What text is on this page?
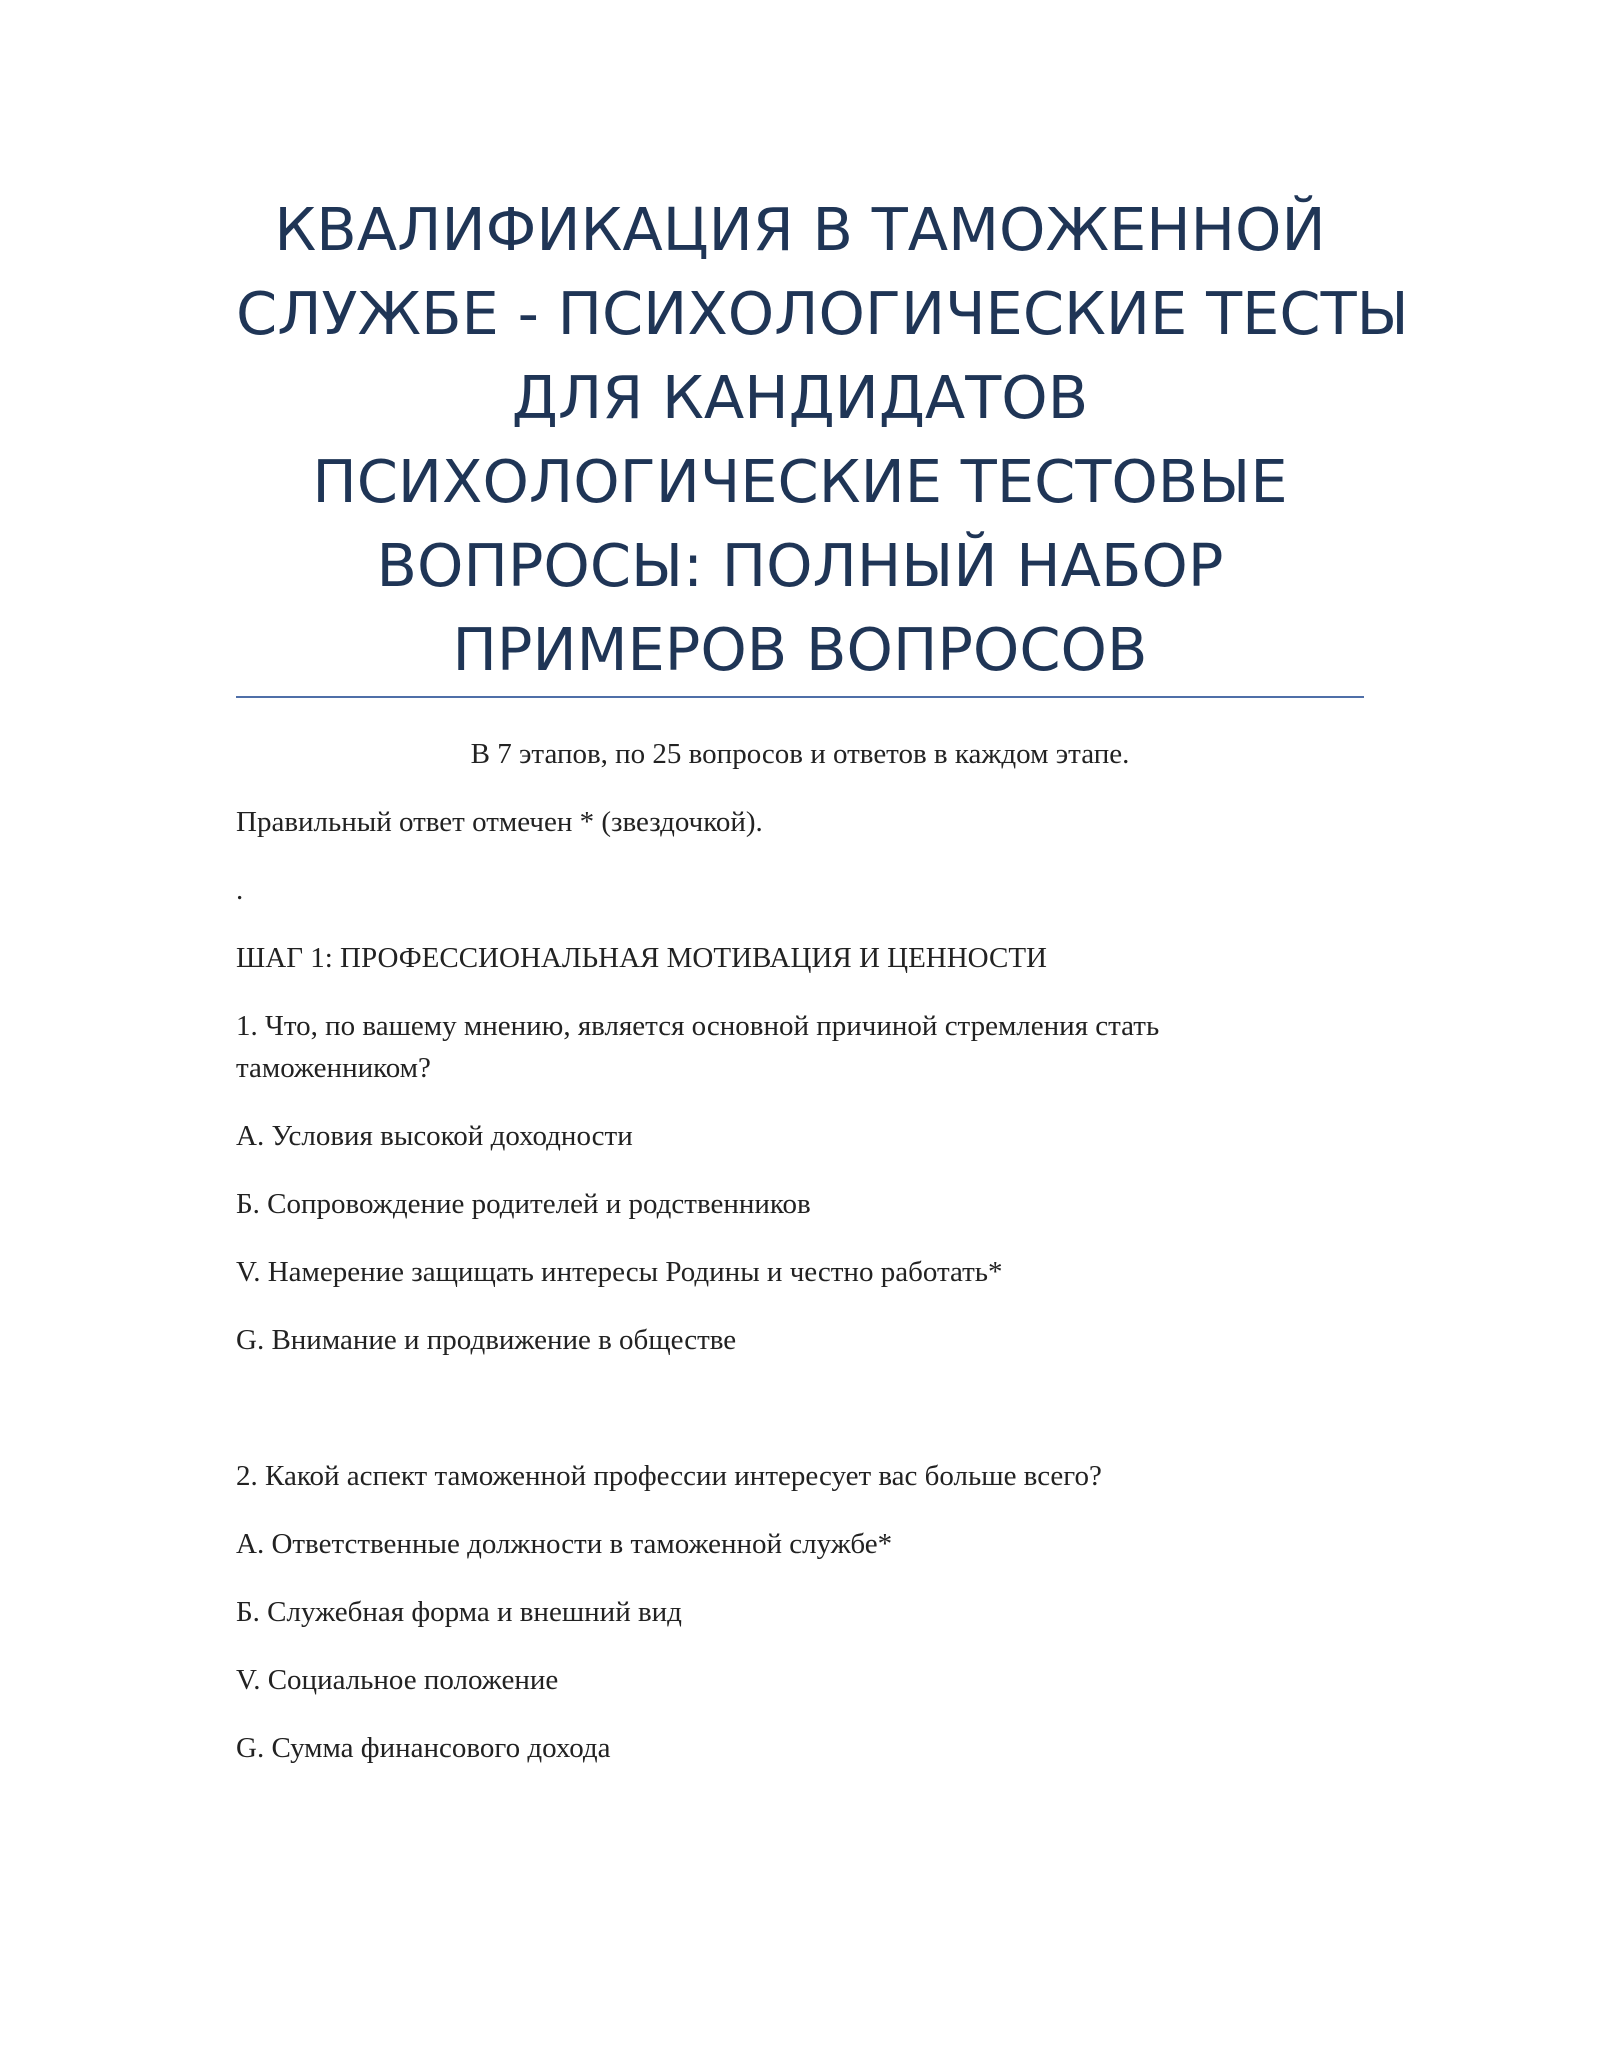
КВАЛИФИКАЦИЯ В ТАМОЖЕННОЙ
СЛУЖБЕ - ПСИХОЛОГИЧЕСКИЕ ТЕСТЫ
ДЛЯ КАНДИДАТОВ
ПСИХОЛОГИЧЕСКИЕ ТЕСТОВЫЕ
ВОПРОСЫ: ПОЛНЫЙ НАБОР
ПРИМЕРОВ ВОПРОСОВ

В 7 этапов, по 25 вопросов и ответов в каждом этапе.

Правильный ответ отмечен * (звездочкой).

.

ШАГ 1: ПРОФЕССИОНАЛЬНАЯ МОТИВАЦИЯ И ЦЕННОСТИ

1. Что, по вашему мнению, является основной причиной стремления стать
таможенником?

A. Условия высокой доходности

Б. Сопровождение родителей и родственников

V. Намерение защищать интересы Родины и честно работать*

G. Внимание и продвижение в обществе

2. Какой аспект таможенной профессии интересует вас больше всего?

А. Ответственные должности в таможенной службе*

Б. Служебная форма и внешний вид

V. Социальное положение

G. Сумма финансового дохода
